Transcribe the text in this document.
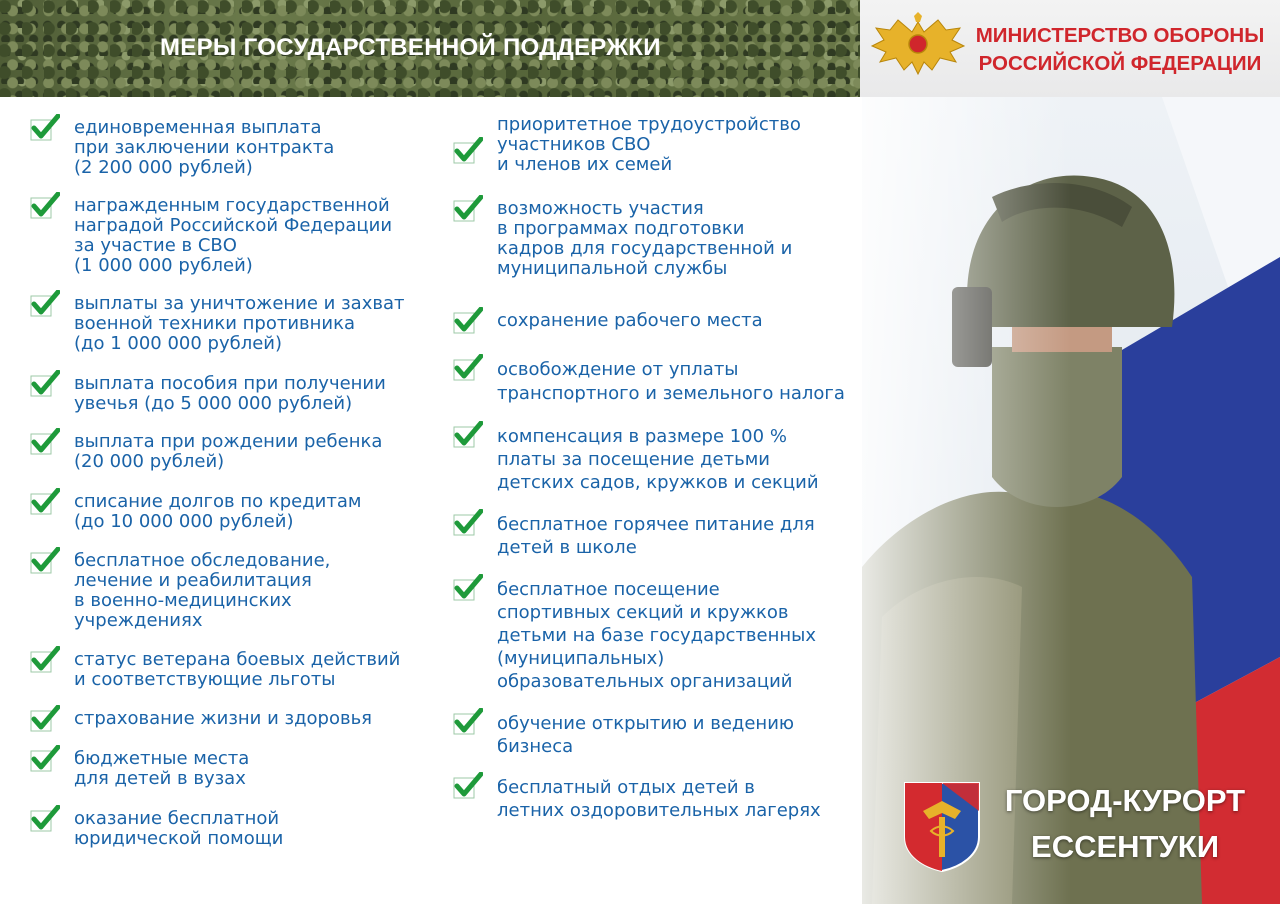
МЕРЫ ГОСУДАРСТВЕННОЙ ПОДДЕРЖКИ	МИНИСТЕРСТВО ОБОРОНЫ
РОССИЙСКОЙ ФЕДЕРАЦИИ
ГОРОД-КУРОРТ
ЕССЕНТУКИ
единовременная выплата
при заключении контракта
(2 200 000 рублей)
награжденным государственной
наградой Российской Федерации
за участие в СВО
(1 000 000 рублей)
выплаты за уничтожение и захват
военной техники противника
(до 1 000 000 рублей)
выплата пособия при получении
увечья (до 5 000 000 рублей)
выплата при рождении ребенка
(20 000 рублей)
списание долгов по кредитам
(до 10 000 000 рублей)
бесплатное обследование,
лечение и реабилитация
в военно-медицинских
учреждениях
статус ветерана боевых действий
и соответствующие льготы
страхование жизни и здоровья
бюджетные места
для детей в вузах
оказание бесплатной
юридической помощи
приоритетное трудоустройство
участников СВО
и членов их семей
возможность участия
в программах подготовки
кадров для государственной и
муниципальной службы
сохранение рабочего места
освобождение от уплаты
транспортного и земельного налога
компенсация в размере 100 %
платы за посещение детьми
детских садов, кружков и секций
бесплатное горячее питание для
детей в школе
бесплатное посещение
спортивных секций и кружков
детьми на базе государственных
(муниципальных)
образовательных организаций
обучение открытию и ведению
бизнеса
бесплатный отдых детей в
летних оздоровительных лагерях
